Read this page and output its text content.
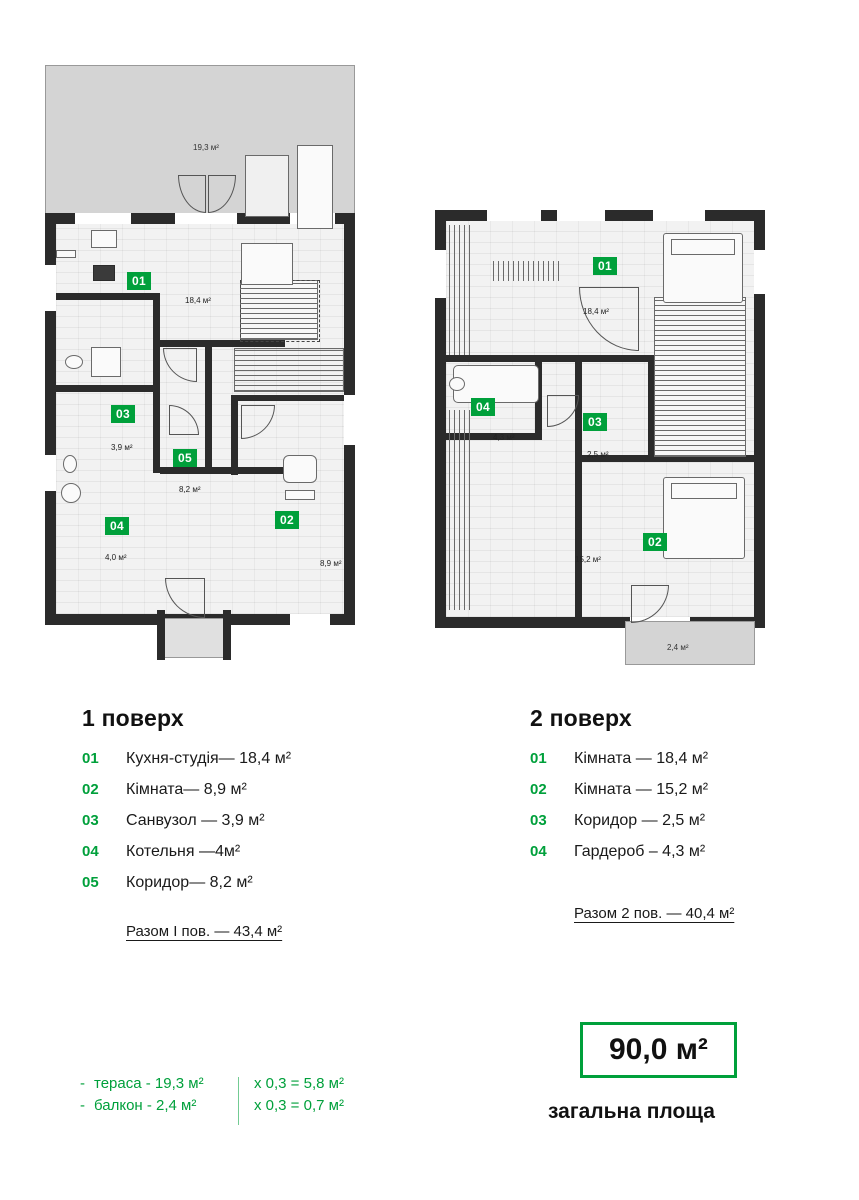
19,3 м²
01
18,4 м²
03
3,9 м²
05
8,2 м²
04
4,0 м²
02
8,9 м²
2,4 м²
01
18,4 м²
04
4,3 м²
03
2,5 м²
02
15,2 м²
1 поверх
01	Кухня-студія— 18,4 м²
02	Кімната— 8,9 м²
03	Санвузол — 3,9 м²
04	Котельня —4м²
05	Коридор— 8,2 м²
Разом I пов. — 43,4 м²
2 поверх
01	Кімната — 18,4 м²
02	Кімната — 15,2 м²
03	Коридор — 2,5 м²
04	Гардероб – 4,3 м²
Разом 2 пов. — 40,4 м²
- тераса - 19,3 м²	х 0,3 = 5,8 м²
- балкон - 2,4 м²	х 0,3 = 0,7 м²
90,0 м²
загальна площа
